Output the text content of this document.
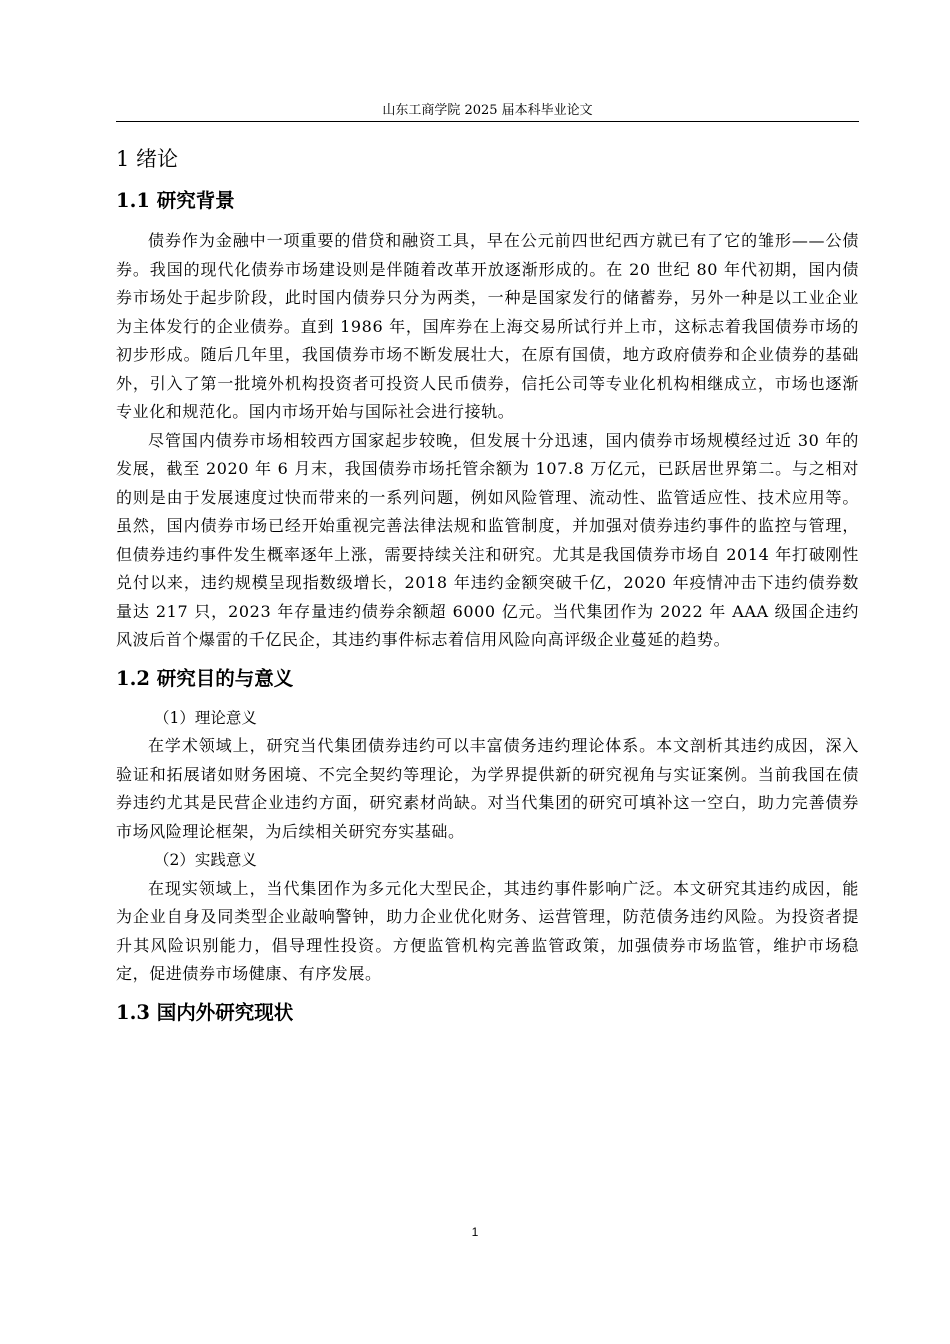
山东工商学院 2025 届本科毕业论文
1 绪论
1.1 研究背景

债券作为金融中一项重要的借贷和融资工具，早在公元前四世纪西方就已有了它的雏形——公债券。我国的现代化债券市场建设则是伴随着改革开放逐渐形成的。在 20 世纪 80 年代初期，国内债券市场处于起步阶段，此时国内债券只分为两类，一种是国家发行的储蓄券，另外一种是以工业企业为主体发行的企业债券。直到 1986 年，国库券在上海交易所试行并上市，这标志着我国债券市场的初步形成。随后几年里，我国债券市场不断发展壮大，在原有国债，地方政府债券和企业债券的基础外，引入了第一批境外机构投资者可投资人民币债券，信托公司等专业化机构相继成立，市场也逐渐专业化和规范化。国内市场开始与国际社会进行接轨。

尽管国内债券市场相较西方国家起步较晚，但发展十分迅速，国内债券市场规模经过近 30 年的发展，截至 2020 年 6 月末，我国债券市场托管余额为 107.8 万亿元，已跃居世界第二。与之相对的则是由于发展速度过快而带来的一系列问题，例如风险管理、流动性、监管适应性、技术应用等。虽然，国内债券市场已经开始重视完善法律法规和监管制度，并加强对债券违约事件的监控与管理，但债券违约事件发生概率逐年上涨，需要持续关注和研究。尤其是我国债券市场自 2014 年打破刚性兑付以来，违约规模呈现指数级增长，2018 年违约金额突破千亿，2020 年疫情冲击下违约债券数量达 217 只，2023 年存量违约债券余额超 6000 亿元。当代集团作为 2022 年 AAA 级国企违约风波后首个爆雷的千亿民企，其违约事件标志着信用风险向高评级企业蔓延的趋势。

1.2 研究目的与意义

（1）理论意义

在学术领域上，研究当代集团债券违约可以丰富债务违约理论体系。本文剖析其违约成因，深入验证和拓展诸如财务困境、不完全契约等理论，为学界提供新的研究视角与实证案例。当前我国在债券违约尤其是民营企业违约方面，研究素材尚缺。对当代集团的研究可填补这一空白，助力完善债券市场风险理论框架，为后续相关研究夯实基础。

（2）实践意义

在现实领域上，当代集团作为多元化大型民企，其违约事件影响广泛。本文研究其违约成因，能为企业自身及同类型企业敲响警钟，助力企业优化财务、运营管理，防范债务违约风险。为投资者提升其风险识别能力，倡导理性投资。方便监管机构完善监管政策，加强债券市场监管，维护市场稳定，促进债券市场健康、有序发展。

1.3 国内外研究现状
1
